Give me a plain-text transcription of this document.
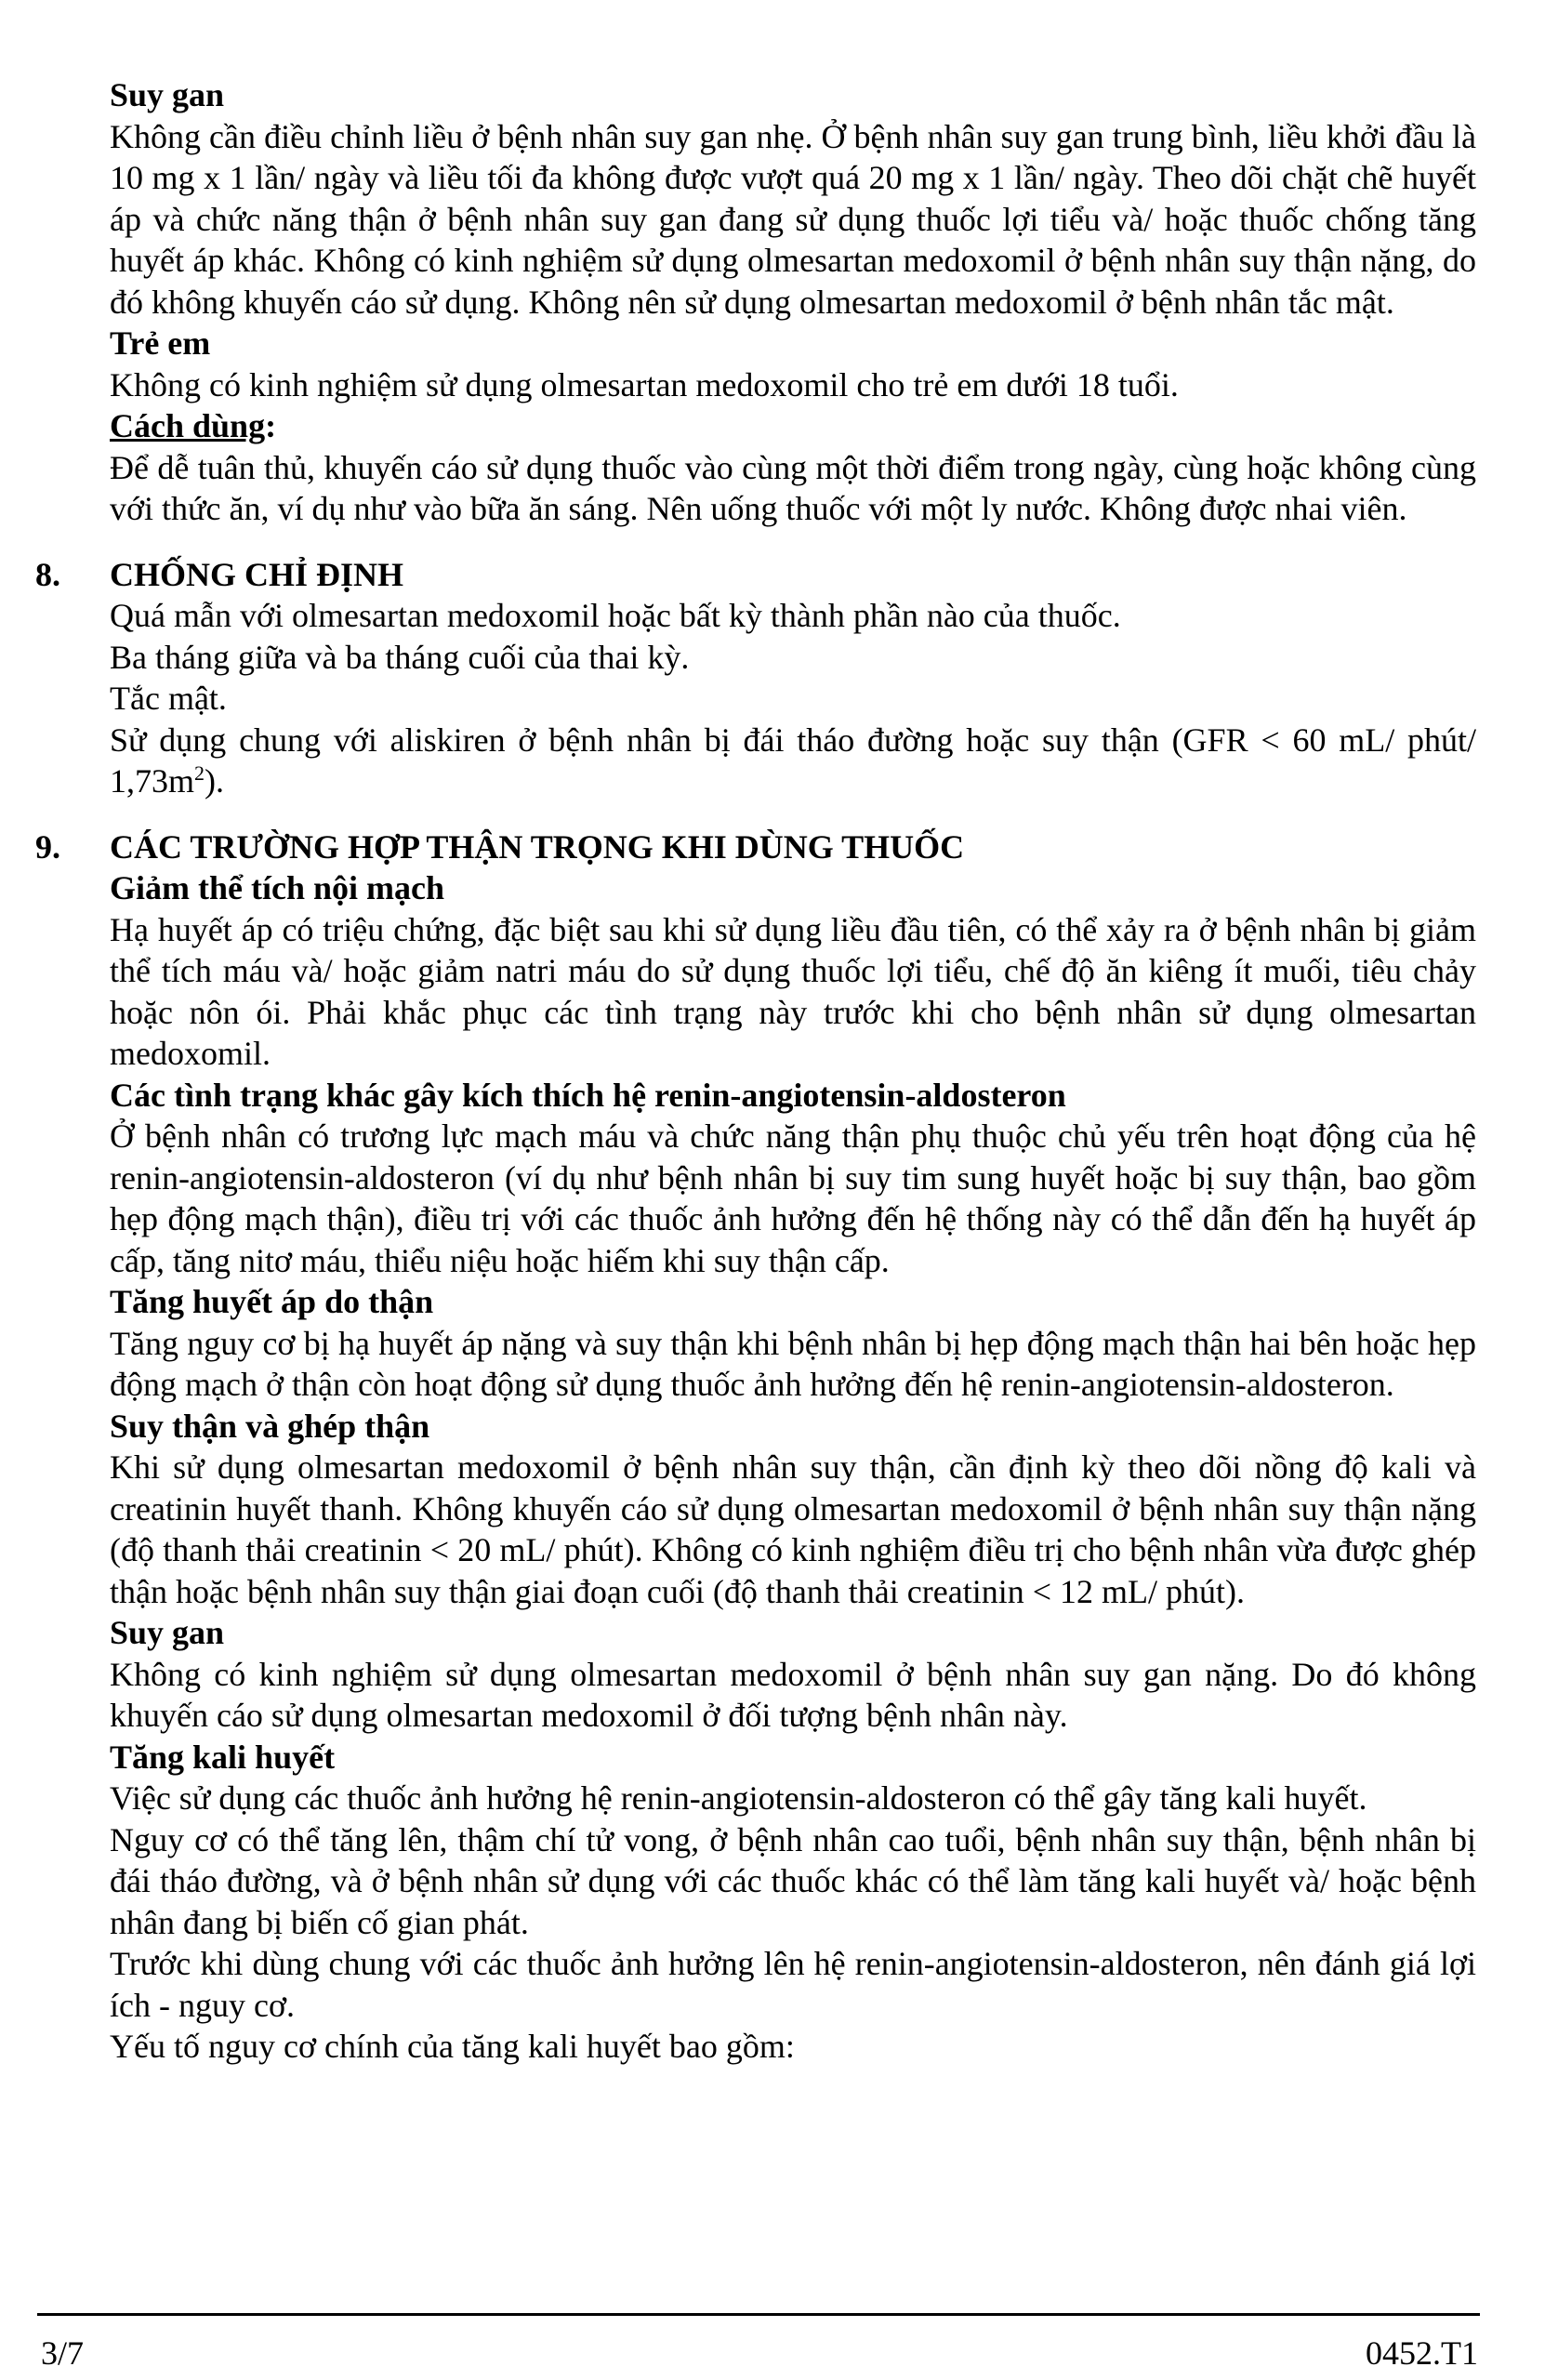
Suy gan

Không cần điều chỉnh liều ở bệnh nhân suy gan nhẹ. Ở bệnh nhân suy gan trung bình, liều khởi đầu là 10 mg x 1 lần/ ngày và liều tối đa không được vượt quá 20 mg x 1 lần/ ngày. Theo dõi chặt chẽ huyết áp và chức năng thận ở bệnh nhân suy gan đang sử dụng thuốc lợi tiểu và/ hoặc thuốc chống tăng huyết áp khác. Không có kinh nghiệm sử dụng olmesartan medoxomil ở bệnh nhân suy thận nặng, do đó không khuyến cáo sử dụng. Không nên sử dụng olmesartan medoxomil ở bệnh nhân tắc mật.

Trẻ em

Không có kinh nghiệm sử dụng olmesartan medoxomil cho trẻ em dưới 18 tuổi.

Cách dùng:

Để dễ tuân thủ, khuyến cáo sử dụng thuốc vào cùng một thời điểm trong ngày, cùng hoặc không cùng với thức ăn, ví dụ như vào bữa ăn sáng. Nên uống thuốc với một ly nước. Không được nhai viên.

8. CHỐNG CHỈ ĐỊNH

Quá mẫn với olmesartan medoxomil hoặc bất kỳ thành phần nào của thuốc.

Ba tháng giữa và ba tháng cuối của thai kỳ.

Tắc mật.

Sử dụng chung với aliskiren ở bệnh nhân bị đái tháo đường hoặc suy thận (GFR < 60 mL/ phút/ $1,73m^2$).

9. CÁC TRƯỜNG HỢP THẬN TRỌNG KHI DÙNG THUỐC

Giảm thể tích nội mạch

Hạ huyết áp có triệu chứng, đặc biệt sau khi sử dụng liều đầu tiên, có thể xảy ra ở bệnh nhân bị giảm thể tích máu và/ hoặc giảm natri máu do sử dụng thuốc lợi tiểu, chế độ ăn kiêng ít muối, tiêu chảy hoặc nôn ói. Phải khắc phục các tình trạng này trước khi cho bệnh nhân sử dụng olmesartan medoxomil.

Các tình trạng khác gây kích thích hệ renin-angiotensin-aldosteron

Ở bệnh nhân có trương lực mạch máu và chức năng thận phụ thuộc chủ yếu trên hoạt động của hệ renin-angiotensin-aldosteron (ví dụ như bệnh nhân bị suy tim sung huyết hoặc bị suy thận, bao gồm hẹp động mạch thận), điều trị với các thuốc ảnh hưởng đến hệ thống này có thể dẫn đến hạ huyết áp cấp, tăng nitơ máu, thiểu niệu hoặc hiếm khi suy thận cấp.

Tăng huyết áp do thận

Tăng nguy cơ bị hạ huyết áp nặng và suy thận khi bệnh nhân bị hẹp động mạch thận hai bên hoặc hẹp động mạch ở thận còn hoạt động sử dụng thuốc ảnh hưởng đến hệ renin-angiotensin-aldosteron.

Suy thận và ghép thận

Khi sử dụng olmesartan medoxomil ở bệnh nhân suy thận, cần định kỳ theo dõi nồng độ kali và creatinin huyết thanh. Không khuyến cáo sử dụng olmesartan medoxomil ở bệnh nhân suy thận nặng (độ thanh thải creatinin < 20 mL/ phút). Không có kinh nghiệm điều trị cho bệnh nhân vừa được ghép thận hoặc bệnh nhân suy thận giai đoạn cuối (độ thanh thải creatinin < 12 mL/ phút).

Suy gan

Không có kinh nghiệm sử dụng olmesartan medoxomil ở bệnh nhân suy gan nặng. Do đó không khuyến cáo sử dụng olmesartan medoxomil ở đối tượng bệnh nhân này.

Tăng kali huyết

Việc sử dụng các thuốc ảnh hưởng hệ renin-angiotensin-aldosteron có thể gây tăng kali huyết.

Nguy cơ có thể tăng lên, thậm chí tử vong, ở bệnh nhân cao tuổi, bệnh nhân suy thận, bệnh nhân bị đái tháo đường, và ở bệnh nhân sử dụng với các thuốc khác có thể làm tăng kali huyết và/ hoặc bệnh nhân đang bị biến cố gian phát.

Trước khi dùng chung với các thuốc ảnh hưởng lên hệ renin-angiotensin-aldosteron, nên đánh giá lợi ích - nguy cơ.

Yếu tố nguy cơ chính của tăng kali huyết bao gồm:

3/7	0452.T1
